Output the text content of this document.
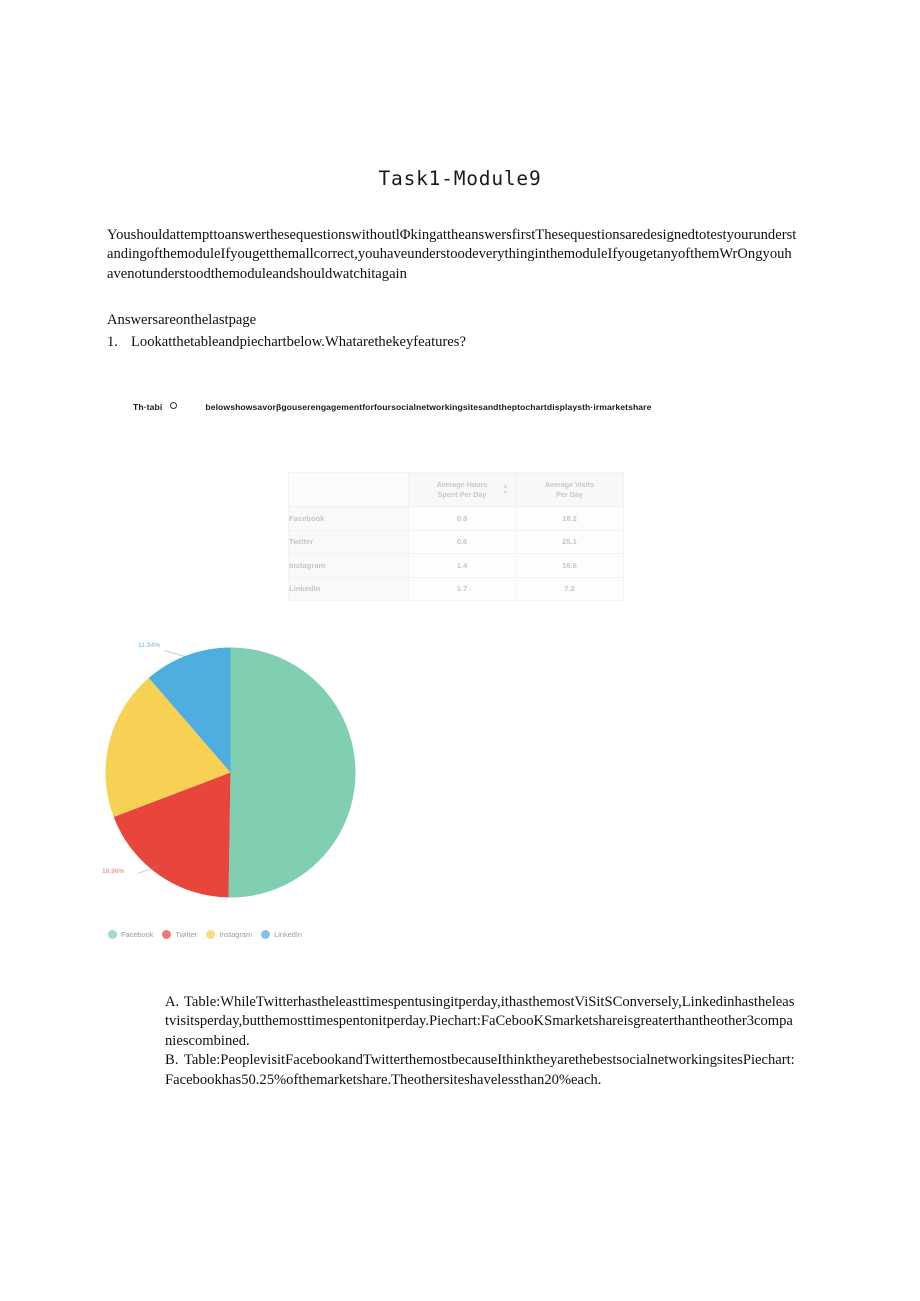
Task1-Module9

YoushouldattempttoanswerthesequestionswithoutlΦkingattheanswersfirstThesequestionsaredesignedtotestyourunderstandingofthemoduleIfyougetthemallcorrect,youhaveunderstoodeverythinginthemoduleIfyougetanyofthemWrOngyouhavenotunderstoodthemoduleandshouldwatchitagain

Answersareonthelastpage

1. Lookatthetableandpiechartbelow.Whatarethekeyfeatures?
Th·tabi	belowshowsavorβgouserengagementforfoursocialnetworkingsitesandtheptochartdisplaysth·irmarketshare
	Average Hours
Spent Per Day
▲
▼	Average Visits
Per Day
Facebook	0.8	18.2
Twitter	0.6	25.1
Instagram	1.4	16.6
LinkedIn	1.7	7.2
11.34%
18.96%
Facebook	Twitter	Instagram	LinkedIn
A. Table:WhileTwitterhastheleasttimespentusingitperday,ithasthemostViSitSConversely,Linkedinhastheleastvisitsperday,butthemosttimespentonitperday.Piechart:FaCebooKSmarketshareisgreaterthantheother3companiescombined.
B. Table:PeoplevisitFacebookandTwitterthemostbecauseIthinktheyarethebestsocialnetworkingsitesPiechart:Facebookhas50.25%ofthemarketshare.Theothersiteshavelessthan20%each.
